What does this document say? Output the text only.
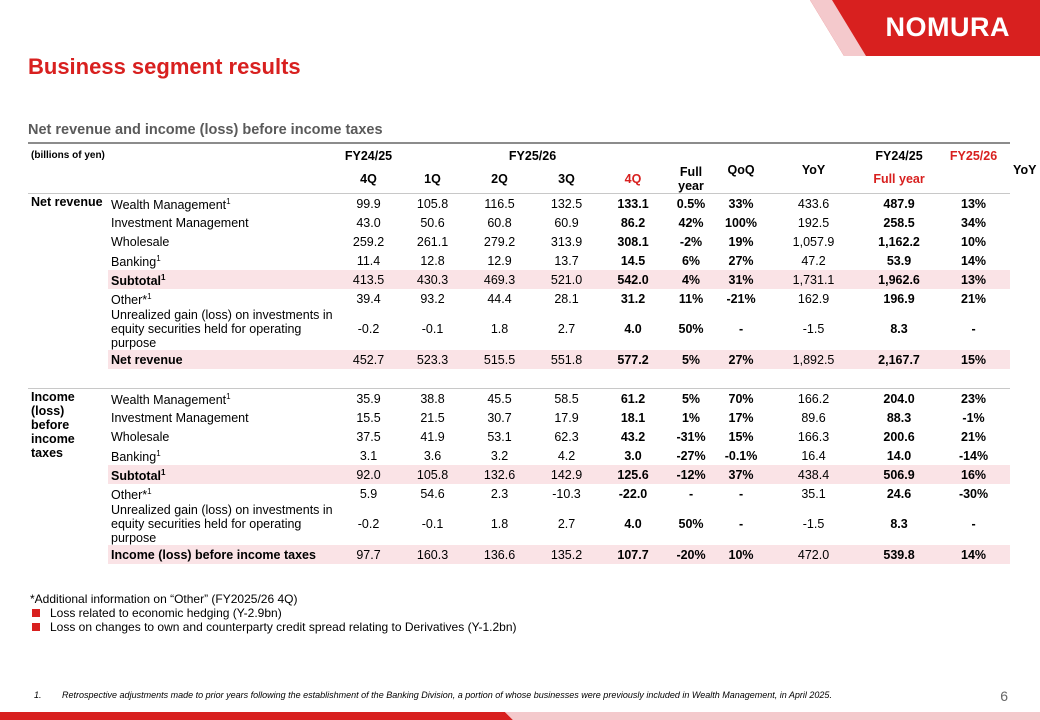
NOMURA
Business segment results
Net revenue and income (loss) before income taxes
(billions of yen)		FY24/25	FY25/26					QoQ	YoY	FY24/25	FY25/26	YoY
		4Q	1Q	2Q	3Q	4Q	Full year			Full year		
Net revenue	Wealth Management$^1$	99.9	105.8	116.5	132.5	133.1	0.5%	33%	433.6	487.9	13%	
	Investment Management	43.0	50.6	60.8	60.9	86.2	42%	100%	192.5	258.5	34%	
	Wholesale	259.2	261.1	279.2	313.9	308.1	-2%	19%	1,057.9	1,162.2	10%	
	Banking$^1$	11.4	12.8	12.9	13.7	14.5	6%	27%	47.2	53.9	14%	
	Subtotal$^1$	413.5	430.3	469.3	521.0	542.0	4%	31%	1,731.1	1,962.6	13%	
	Other*$^1$	39.4	93.2	44.4	28.1	31.2	11%	-21%	162.9	196.9	21%	
	Unrealized gain (loss) on investments in equity securities held for operating purpose	-0.2	-0.1	1.8	2.7	4.0	50%	-	-1.5	8.3	-	
	Net revenue	452.7	523.3	515.5	551.8	577.2	5%	27%	1,892.5	2,167.7	15%	

Income (loss) before income taxes	Wealth Management$^1$	35.9	38.8	45.5	58.5	61.2	5%	70%	166.2	204.0	23%	
	Investment Management	15.5	21.5	30.7	17.9	18.1	1%	17%	89.6	88.3	-1%	
	Wholesale	37.5	41.9	53.1	62.3	43.2	-31%	15%	166.3	200.6	21%	
	Banking$^1$	3.1	3.6	3.2	4.2	3.0	-27%	-0.1%	16.4	14.0	-14%	
	Subtotal$^1$	92.0	105.8	132.6	142.9	125.6	-12%	37%	438.4	506.9	16%	
	Other*$^1$	5.9	54.6	2.3	-10.3	-22.0	-	-	35.1	24.6	-30%	
	Unrealized gain (loss) on investments in equity securities held for operating purpose	-0.2	-0.1	1.8	2.7	4.0	50%	-	-1.5	8.3	-	
	Income (loss) before income taxes	97.7	160.3	136.6	135.2	107.7	-20%	10%	472.0	539.8	14%	
*Additional information on “Other” (FY2025/26 4Q)
Loss related to economic hedging (Y-2.9bn)
Loss on changes to own and counterparty credit spread relating to Derivatives (Y-1.2bn)
1. Retrospective adjustments made to prior years following the establishment of the Banking Division, a portion of whose businesses were previously included in Wealth Management, in April 2025.	6
